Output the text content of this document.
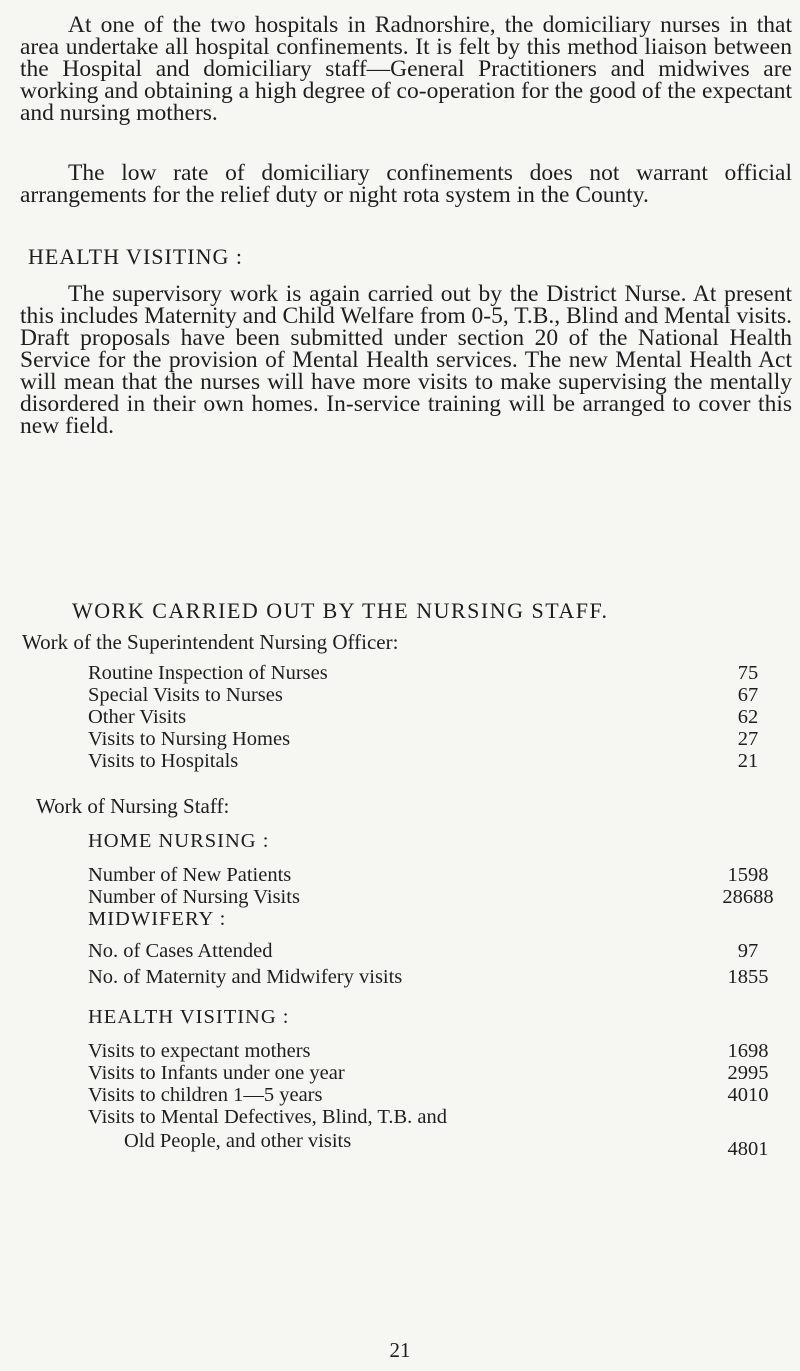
At one of the two hospitals in Radnorshire, the domiciliary nurses in that area undertake all hospital confinements. It is felt by this method liaison between the Hospital and domiciliary staff—General Practitioners and midwives are working and obtaining a high degree of co-operation for the good of the expectant and nursing mothers.

The low rate of domiciliary confinements does not warrant official arrangements for the relief duty or night rota system in the County.

HEALTH VISITING :

The supervisory work is again carried out by the District Nurse. At present this includes Maternity and Child Welfare from 0-5, T.B., Blind and Mental visits. Draft proposals have been submitted under section 20 of the National Health Service for the provision of Mental Health services. The new Mental Health Act will mean that the nurses will have more visits to make supervising the mentally disordered in their own homes. In-service training will be arranged to cover this new field.

WORK CARRIED OUT BY THE NURSING STAFF.

Work of the Superintendent Nursing Officer:

Routine Inspection of Nurses	75
Special Visits to Nurses	67
Other Visits	62
Visits to Nursing Homes	27
Visits to Hospitals	21

Work of Nursing Staff:

HOME NURSING :
Number of New Patients	1598
Number of Nursing Visits	28688
MIDWIFERY :
No. of Cases Attended	97
No. of Maternity and Midwifery visits	1855
HEALTH VISITING :
Visits to expectant mothers	1698
Visits to Infants under one year	2995
Visits to children 1—5 years	4010
Visits to Mental Defectives, Blind, T.B. and
Old People, and other visits	4801
21
